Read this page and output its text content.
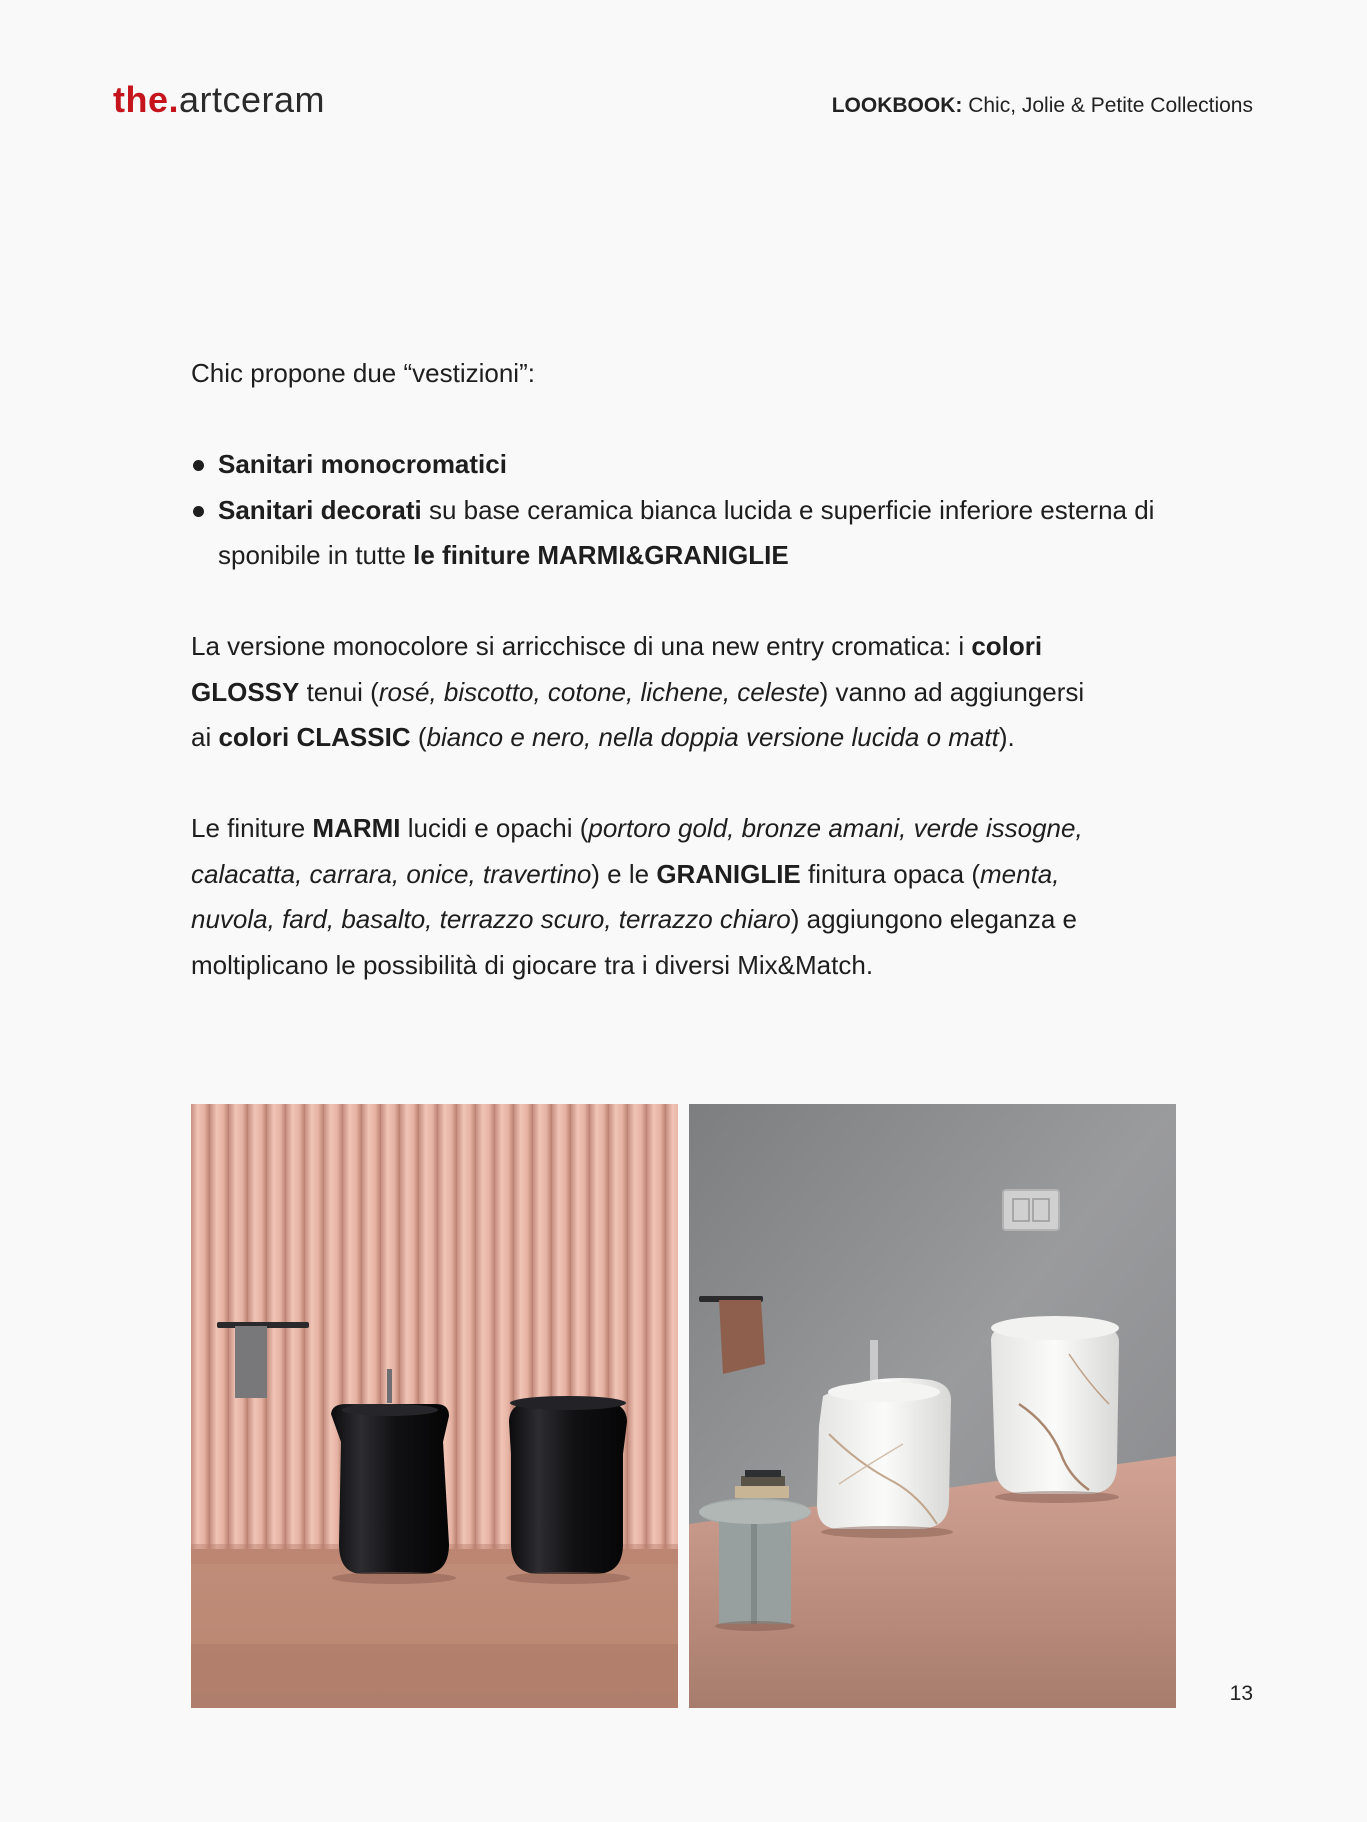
the.artceram	LOOKBOOK: Chic, Jolie & Petite Collections

Chic propone due “vestizioni”:

Sanitari monocromatici
Sanitari decorati su base ceramica bianca lucida e superficie inferiore esterna di sponibile in tutte le finiture MARMI&GRANIGLIE

La versione monocolore si arricchisce di una new entry cromatica: i colori GLOSSY tenui (rosé, biscotto, cotone, lichene, celeste) vanno ad aggiungersi ai colori CLASSIC (bianco e nero, nella doppia versione lucida o matt).

Le finiture MARMI lucidi e opachi (portoro gold, bronze amani, verde issogne, calacatta, carrara, onice, travertino) e le GRANIGLIE finitura opaca (menta, nuvola, fard, basalto, terrazzo scuro, terrazzo chiaro) aggiungono eleganza e moltiplicano le possibilità di giocare tra i diversi Mix&Match.

13
